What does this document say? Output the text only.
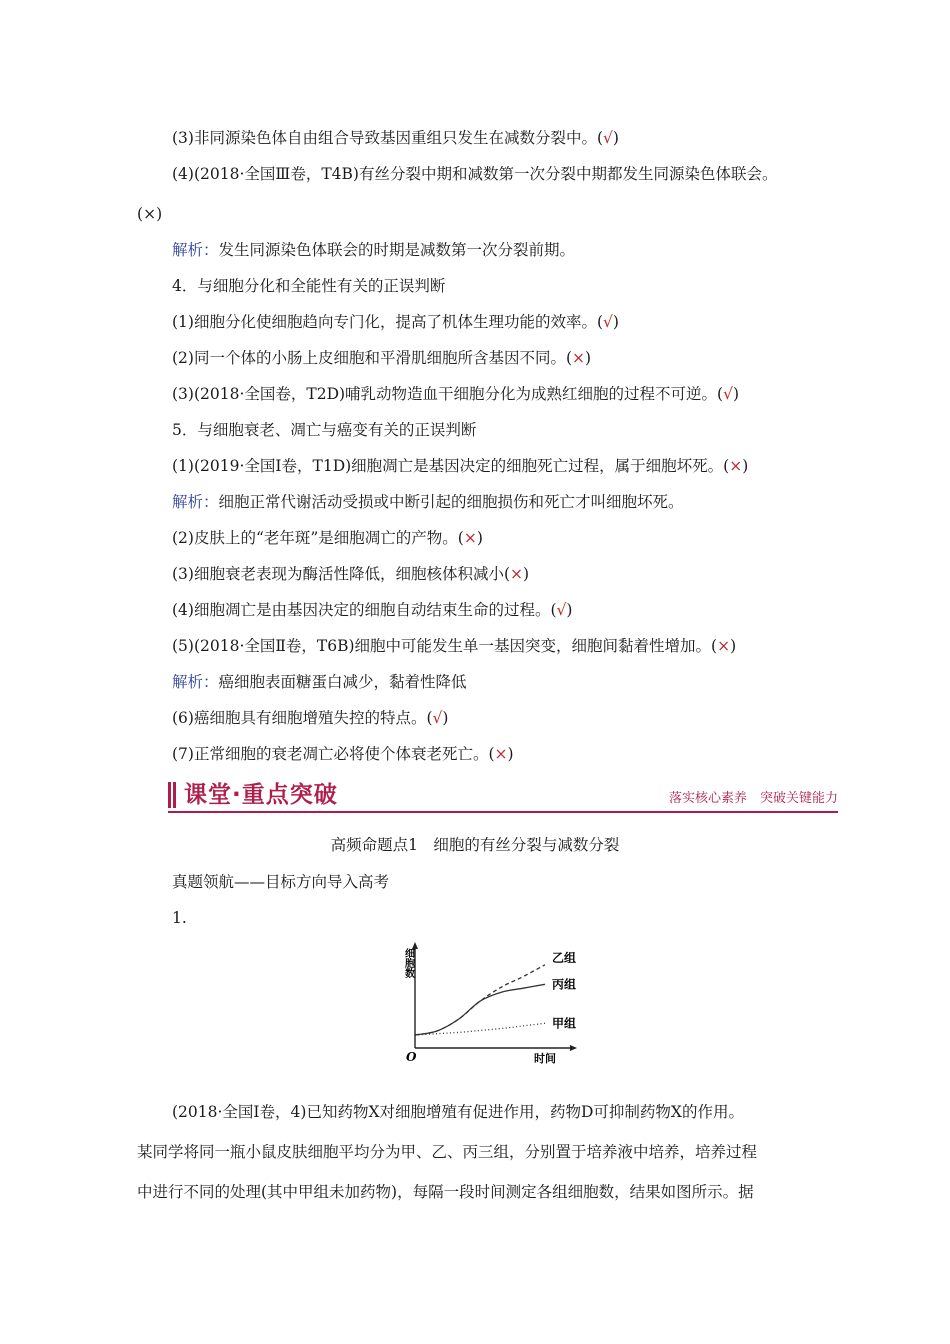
(3)非同源染色体自由组合导致基因重组只发生在减数分裂中。(√)
(4)(2018·全国Ⅲ卷，T4B)有丝分裂中期和减数第一次分裂中期都发生同源染色体联会。
(×)
解析：发生同源染色体联会的时期是减数第一次分裂前期。
4．与细胞分化和全能性有关的正误判断
(1)细胞分化使细胞趋向专门化，提高了机体生理功能的效率。(√)
(2)同一个体的小肠上皮细胞和平滑肌细胞所含基因不同。(×)
(3)(2018·全国卷，T2D)哺乳动物造血干细胞分化为成熟红细胞的过程不可逆。(√)
5．与细胞衰老、凋亡与癌变有关的正误判断
(1)(2019·全国Ⅰ卷，T1D)细胞凋亡是基因决定的细胞死亡过程，属于细胞坏死。(×)
解析：细胞正常代谢活动受损或中断引起的细胞损伤和死亡才叫细胞坏死。
(2)皮肤上的“老年斑”是细胞凋亡的产物。(×)
(3)细胞衰老表现为酶活性降低，细胞核体积减小(×)
(4)细胞凋亡是由基因决定的细胞自动结束生命的过程。(√)
(5)(2018·全国Ⅱ卷，T6B)细胞中可能发生单一基因突变，细胞间黏着性增加。(×)
解析：癌细胞表面糖蛋白减少，黏着性降低
(6)癌细胞具有细胞增殖失控的特点。(√)
(7)正常细胞的衰老凋亡必将使个体衰老死亡。(×)
课堂·重点突破	落实核心素养　突破关键能力
高频命题点1　细胞的有丝分裂与减数分裂
真题领航——目标方向导入高考
1.
细胞数
时间
O
乙组
丙组
甲组
(2018·全国Ⅰ卷，4)已知药物X对细胞增殖有促进作用，药物D可抑制药物X的作用。
某同学将同一瓶小鼠皮肤细胞平均分为甲、乙、丙三组，分别置于培养液中培养，培养过程
中进行不同的处理(其中甲组未加药物)，每隔一段时间测定各组细胞数，结果如图所示。据
